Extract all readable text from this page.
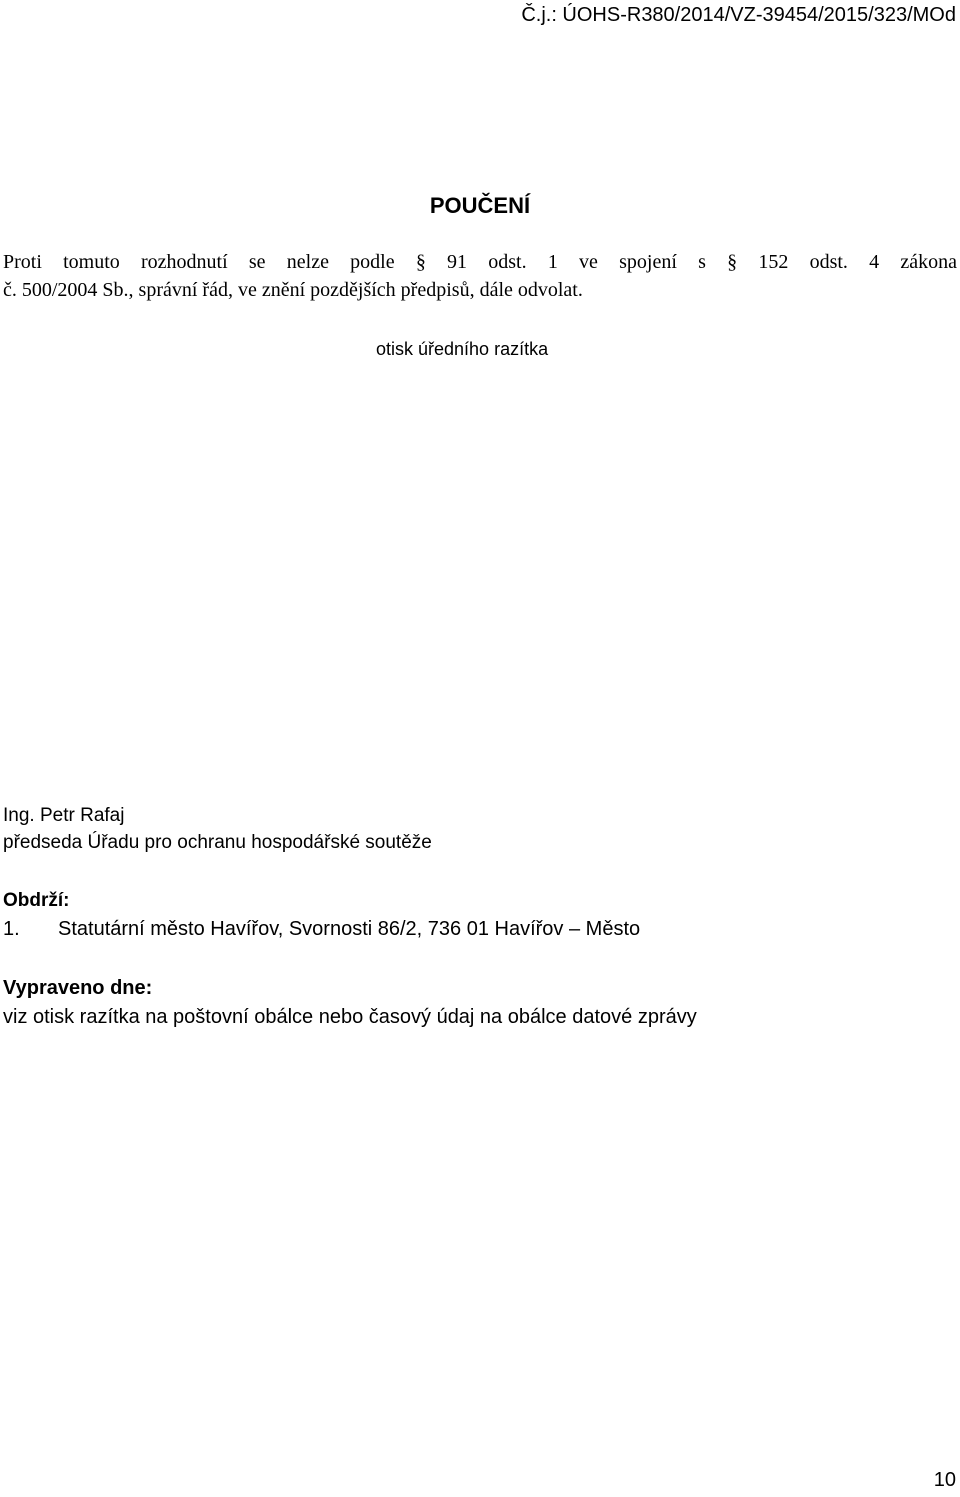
Č.j.: ÚOHS-R380/2014/VZ-39454/2015/323/MOd
POUČENÍ
Proti tomuto rozhodnutí se nelze podle § 91 odst. 1 ve spojení s § 152 odst. 4 zákona
č. 500/2004 Sb., správní řád, ve znění pozdějších předpisů, dále odvolat.
otisk úředního razítka
Ing. Petr Rafaj
předseda Úřadu pro ochranu hospodářské soutěže
Obdrží:
1. Statutární město Havířov, Svornosti 86/2, 736 01 Havířov – Město
Vypraveno dne:
viz otisk razítka na poštovní obálce nebo časový údaj na obálce datové zprávy
10
